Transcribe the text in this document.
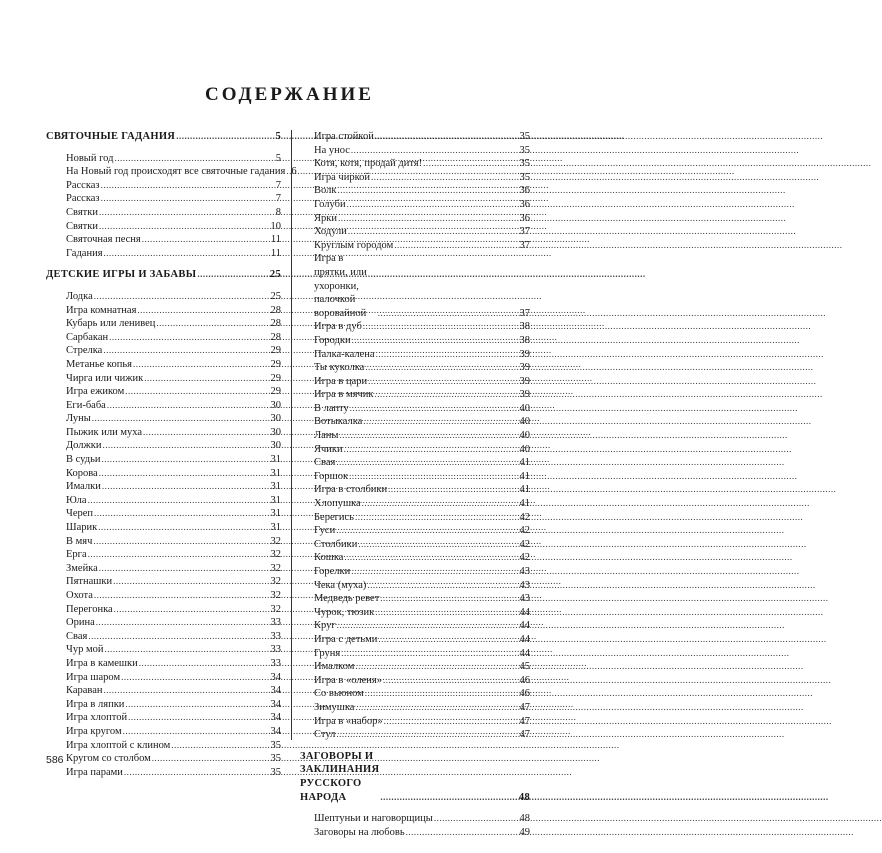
СОДЕРЖАНИЕ
СВЯТОЧНЫЕ ГАДАНИЯ .....	5
Новый год .....	5
На Новый год происходят все святочные гадания ..... 6
Рассказ .....	7
Рассказ .....	7
Святки .....	8
Святки .....	10
Святочная песня .....	11
Гадания .....	11
ДЕТСКИЕ ИГРЫ И ЗАБАВЫ .....	25
Лодка .....	25
Игра комнатная .....	28
Кубарь или ленивец .....	28
Сарбакан .....	28
Стрелка .....	29
Метанье копья .....	29
Чирга или чижик .....	29
Игра ежиком .....	29
Еги-баба .....	30
Луны .....	30
Пыжик или муха .....	30
Должки .....	30
В судьи .....	31
Корова .....	31
Ималки .....	31
Юла .....	31
Череп .....	31
Шарик .....	31
В мяч .....	32
Ерга .....	32
Змейка .....	32
Пятнашки .....	32
Охота .....	32
Перегонка .....	32
Орина .....	33
Свая .....	33
Чур мой .....	33
Игра в камешки .....	33
Игра шаром .....	34
Караван .....	34
Игра в ляпки .....	34
Игра хлоптой .....	34
Игра кругом .....	34
Игра хлоптой с клином .....	35
Кругом со столбом .....	35
Игра парами .....	35
Игра стойкой .....	35
На унос .....	35
Котя, котя, продай дитя! .....	35
Игра чиркой .....	35
Волк .....	36
Голуби .....	36
Ярки .....	36
Ходули .....	37
Круглым городом .....	37
Игра в прятки, или ухоронки, палочкой воровайной .....	37
Игра в дуб .....	38
Городки .....	38
Палка-калена .....	39
Ты куколка .....	39
Игра в цари .....	39
Игра в мячик .....	39
В лапту .....	40
Вотыкалка .....	40
Ланы .....	40
Ячики .....	40
Свая .....	41
Горшок .....	41
Игра в столбики .....	41
Хлопушка .....	41
Берегись .....	42
Гуси .....	42
Столбики .....	42
Кошка .....	42
Горелки .....	43
Чека (муха) .....	43
Медведь ревет .....	43
Чурок, тюзик .....	44
Круг .....	44
Игра с детьми .....	44
Груня .....	44
Ималком .....	45
Игра в «оленя» .....	46
Со вьюном .....	46
Зимушка .....	47
Игра в «набор» .....	47
Стул .....	47
ЗАГОВОРЫ И ЗАКЛИНАНИЯ РУССКОГО НАРОДА .....	48
Шептуньи и наговорщицы .....	48
Заговоры на любовь .....	49
586
